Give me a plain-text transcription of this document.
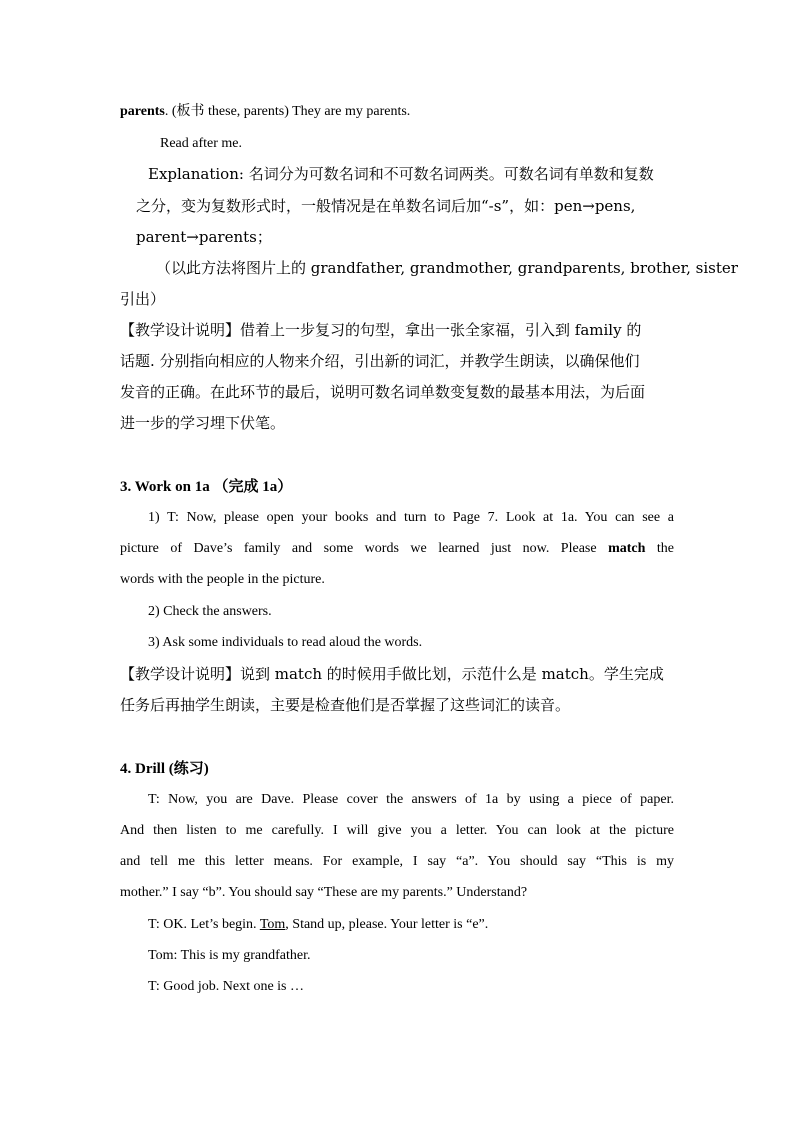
parents. (板书 these, parents) They are my parents.
Read after me.
Explanation: 名词分为可数名词和不可数名词两类。可数名词有单数和复数
之分，变为复数形式时，一般情况是在单数名词后加“-s”，如：pen→pens,
parent→parents；
（以此方法将图片上的 grandfather, grandmother, grandparents, brother, sister
引出）
【教学设计说明】借着上一步复习的句型，拿出一张全家福，引入到 family 的
话题. 分别指向相应的人物来介绍，引出新的词汇，并教学生朗读，以确保他们
发音的正确。在此环节的最后，说明可数名词单数变复数的最基本用法，为后面
进一步的学习埋下伏笔。
3. Work on 1a （完成 1a）
1) T: Now, please open your books and turn to Page 7. Look at 1a. You can see a
picture of Dave’s family and some words we learned just now. Please match the
words with the people in the picture.
2) Check the answers.
3) Ask some individuals to read aloud the words.
【教学设计说明】说到 match 的时候用手做比划，示范什么是 match。学生完成
任务后再抽学生朗读，主要是检查他们是否掌握了这些词汇的读音。
4. Drill (练习)
T: Now, you are Dave. Please cover the answers of 1a by using a piece of paper.
And then listen to me carefully. I will give you a letter. You can look at the picture
and tell me this letter means. For example, I say “a”. You should say “This is my
mother.” I say “b”. You should say “These are my parents.” Understand?
T: OK. Let’s begin. Tom, Stand up, please. Your letter is “e”.
Tom: This is my grandfather.
T: Good job. Next one is …
